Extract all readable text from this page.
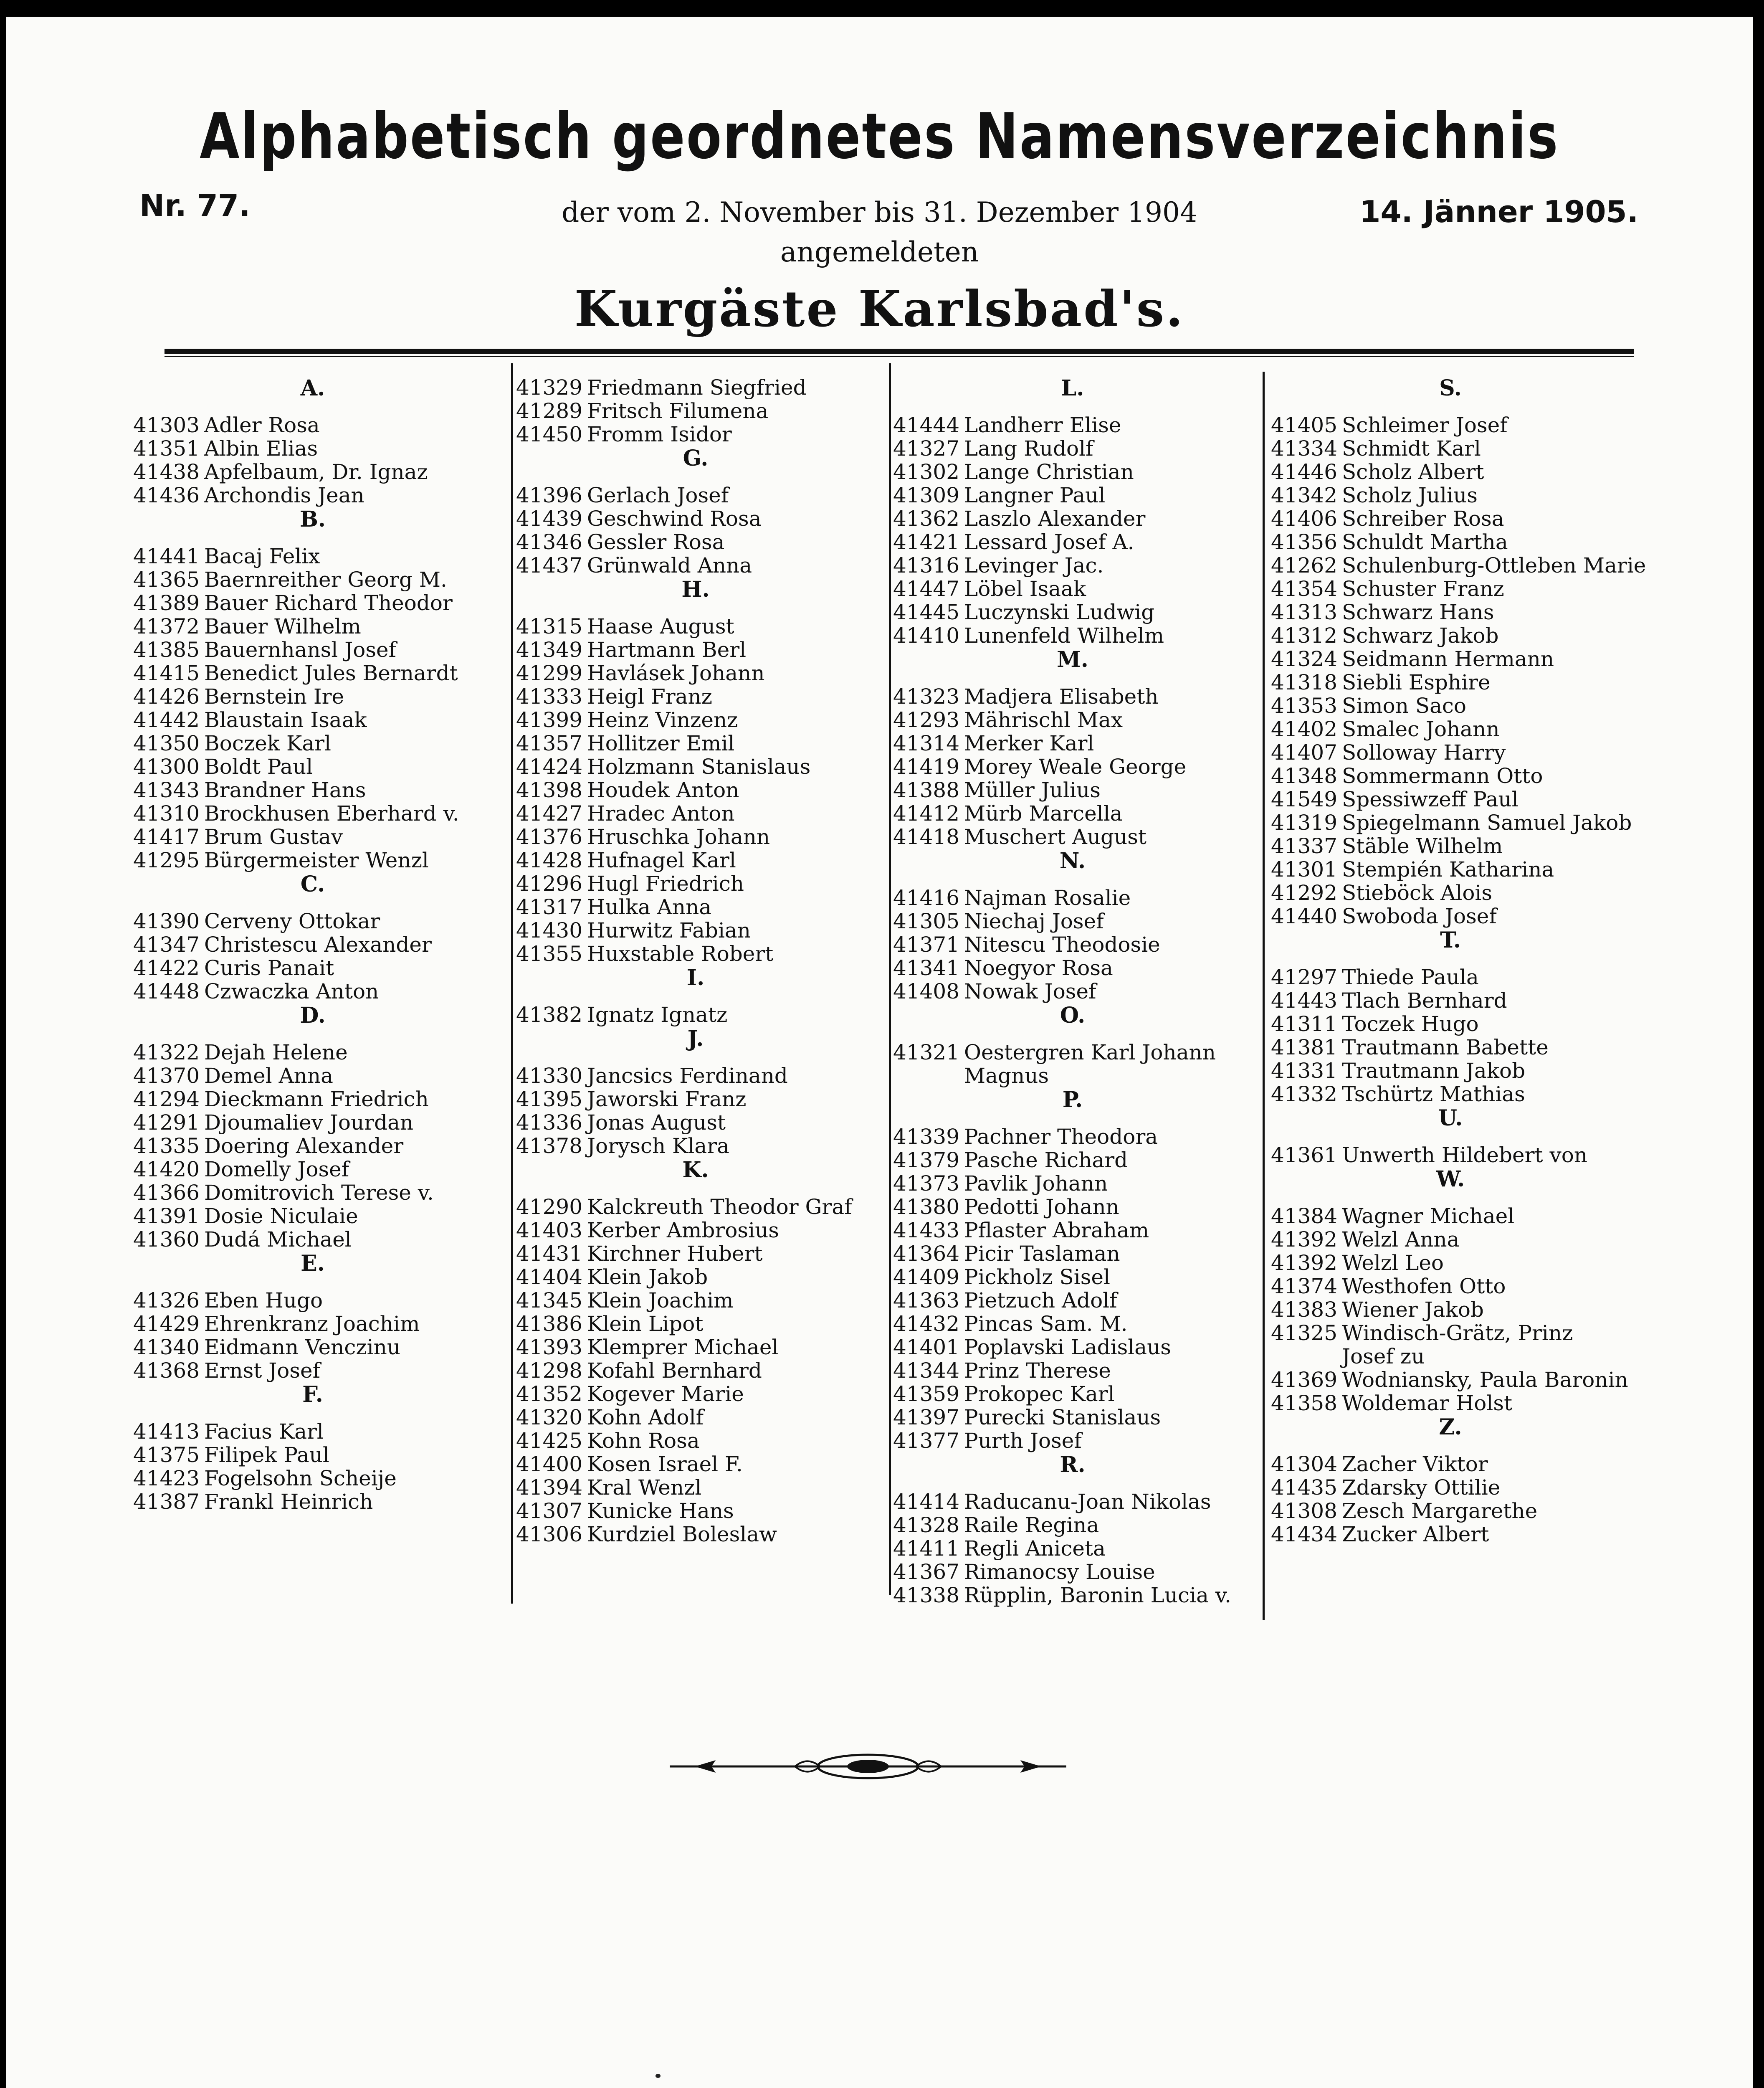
Alphabetisch geordnetes Namensverzeichnis
Nr. 77.	der vom 2. November bis 31. Dezember 1904	14. Jänner 1905.
angemeldeten
Kurgäste Karlsbad's.
A.
41303 Adler Rosa
41351 Albin Elias
41438 Apfelbaum, Dr. Ignaz
41436 Archondis Jean
B.
41441 Bacaj Felix
41365 Baernreither Georg M.
41389 Bauer Richard Theodor
41372 Bauer Wilhelm
41385 Bauernhansl Josef
41415 Benedict Jules Bernardt
41426 Bernstein Ire
41442 Blaustain Isaak
41350 Boczek Karl
41300 Boldt Paul
41343 Brandner Hans
41310 Brockhusen Eberhard v.
41417 Brum Gustav
41295 Bürgermeister Wenzl
C.
41390 Cerveny Ottokar
41347 Christescu Alexander
41422 Curis Panait
41448 Czwaczka Anton
D.
41322 Dejah Helene
41370 Demel Anna
41294 Dieckmann Friedrich
41291 Djoumaliev Jourdan
41335 Doering Alexander
41420 Domelly Josef
41366 Domitrovich Terese v.
41391 Dosie Niculaie
41360 Dudá Michael
E.
41326 Eben Hugo
41429 Ehrenkranz Joachim
41340 Eidmann Venczinu
41368 Ernst Josef
F.
41413 Facius Karl
41375 Filipek Paul
41423 Fogelsohn Scheije
41387 Frankl Heinrich
41329 Friedmann Siegfried
41289 Fritsch Filumena
41450 Fromm Isidor
G.
41396 Gerlach Josef
41439 Geschwind Rosa
41346 Gessler Rosa
41437 Grünwald Anna
H.
41315 Haase August
41349 Hartmann Berl
41299 Havlásek Johann
41333 Heigl Franz
41399 Heinz Vinzenz
41357 Hollitzer Emil
41424 Holzmann Stanislaus
41398 Houdek Anton
41427 Hradec Anton
41376 Hruschka Johann
41428 Hufnagel Karl
41296 Hugl Friedrich
41317 Hulka Anna
41430 Hurwitz Fabian
41355 Huxstable Robert
I.
41382 Ignatz Ignatz
J.
41330 Jancsics Ferdinand
41395 Jaworski Franz
41336 Jonas August
41378 Jorysch Klara
K.
41290 Kalckreuth Theodor Graf
41403 Kerber Ambrosius
41431 Kirchner Hubert
41404 Klein Jakob
41345 Klein Joachim
41386 Klein Lipot
41393 Klemprer Michael
41298 Kofahl Bernhard
41352 Kogever Marie
41320 Kohn Adolf
41425 Kohn Rosa
41400 Kosen Israel F.
41394 Kral Wenzl
41307 Kunicke Hans
41306 Kurdziel Boleslaw
L.
41444 Landherr Elise
41327 Lang Rudolf
41302 Lange Christian
41309 Langner Paul
41362 Laszlo Alexander
41421 Lessard Josef A.
41316 Levinger Jac.
41447 Löbel Isaak
41445 Luczynski Ludwig
41410 Lunenfeld Wilhelm
M.
41323 Madjera Elisabeth
41293 Mährischl Max
41314 Merker Karl
41419 Morey Weale George
41388 Müller Julius
41412 Mürb Marcella
41418 Muschert August
N.
41416 Najman Rosalie
41305 Niechaj Josef
41371 Nitescu Theodosie
41341 Noegyor Rosa
41408 Nowak Josef
O.
41321 Oestergren Karl Johann
Magnus
P.
41339 Pachner Theodora
41379 Pasche Richard
41373 Pavlik Johann
41380 Pedotti Johann
41433 Pflaster Abraham
41364 Picir Taslaman
41409 Pickholz Sisel
41363 Pietzuch Adolf
41432 Pincas Sam. M.
41401 Poplavski Ladislaus
41344 Prinz Therese
41359 Prokopec Karl
41397 Purecki Stanislaus
41377 Purth Josef
R.
41414 Raducanu-Joan Nikolas
41328 Raile Regina
41411 Regli Aniceta
41367 Rimanocsy Louise
41338 Rüpplin, Baronin Lucia v.
S.
41405 Schleimer Josef
41334 Schmidt Karl
41446 Scholz Albert
41342 Scholz Julius
41406 Schreiber Rosa
41356 Schuldt Martha
41262 Schulenburg-Ottleben Marie
41354 Schuster Franz
41313 Schwarz Hans
41312 Schwarz Jakob
41324 Seidmann Hermann
41318 Siebli Esphire
41353 Simon Saco
41402 Smalec Johann
41407 Solloway Harry
41348 Sommermann Otto
41549 Spessiwzeff Paul
41319 Spiegelmann Samuel Jakob
41337 Stäble Wilhelm
41301 Stempién Katharina
41292 Stieböck Alois
41440 Swoboda Josef
T.
41297 Thiede Paula
41443 Tlach Bernhard
41311 Toczek Hugo
41381 Trautmann Babette
41331 Trautmann Jakob
41332 Tschürtz Mathias
U.
41361 Unwerth Hildebert von
W.
41384 Wagner Michael
41392 Welzl Anna
41392 Welzl Leo
41374 Westhofen Otto
41383 Wiener Jakob
41325 Windisch-Grätz, Prinz
Josef zu
41369 Wodniansky, Paula Baronin
41358 Woldemar Holst
Z.
41304 Zacher Viktor
41435 Zdarsky Ottilie
41308 Zesch Margarethe
41434 Zucker Albert
